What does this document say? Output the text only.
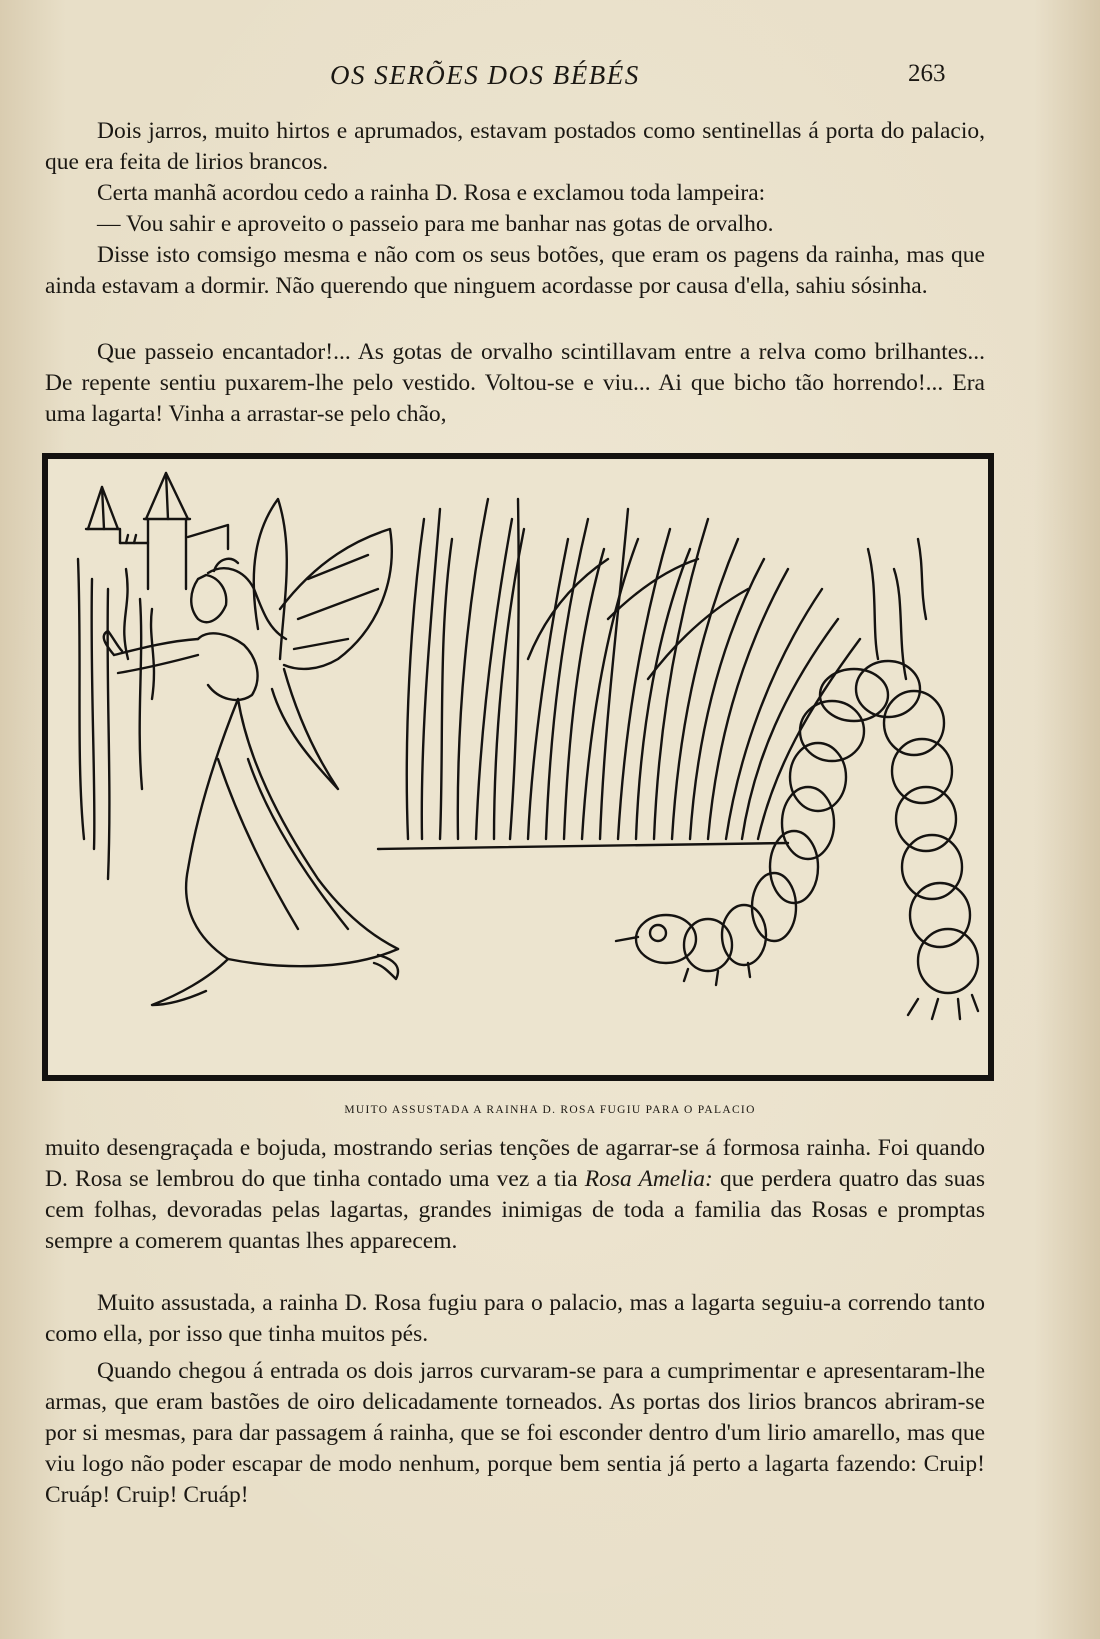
OS SERÕES DOS BÉBÉS	263

Dois jarros, muito hirtos e aprumados, estavam postados como sentinellas á porta do palacio, que era feita de lirios brancos.

Certa manhã acordou cedo a rainha D. Rosa e exclamou toda lampeira:

— Vou sahir e aproveito o passeio para me banhar nas gotas de orvalho.

Disse isto comsigo mesma e não com os seus botões, que eram os pagens da rainha, mas que ainda estavam a dormir. Não querendo que ninguem acordasse por causa d'ella, sahiu sósinha.

Que passeio encantador!... As gotas de orvalho scintillavam entre a relva como brilhantes... De repente sentiu puxarem-lhe pelo vestido. Voltou-se e viu... Ai que bicho tão horrendo!... Era uma lagarta! Vinha a arrastar-se pelo chão,

MUITO ASSUSTADA A RAINHA D. ROSA FUGIU PARA O PALACIO

muito desengraçada e bojuda, mostrando serias tenções de agarrar-se á formosa rainha. Foi quando D. Rosa se lembrou do que tinha contado uma vez a tia Rosa Amelia: que perdera quatro das suas cem folhas, devoradas pelas lagartas, grandes inimigas de toda a familia das Rosas e promptas sempre a comerem quantas lhes apparecem.

Muito assustada, a rainha D. Rosa fugiu para o palacio, mas a lagarta seguiu-a correndo tanto como ella, por isso que tinha muitos pés.

Quando chegou á entrada os dois jarros curvaram-se para a cumprimentar e apresentaram-lhe armas, que eram bastões de oiro delicadamente torneados. As portas dos lirios brancos abriram-se por si mesmas, para dar passagem á rainha, que se foi esconder dentro d'um lirio amarello, mas que viu logo não poder escapar de modo nenhum, porque bem sentia já perto a lagarta fazendo: Cruip! Cruáp! Cruip! Cruáp!
